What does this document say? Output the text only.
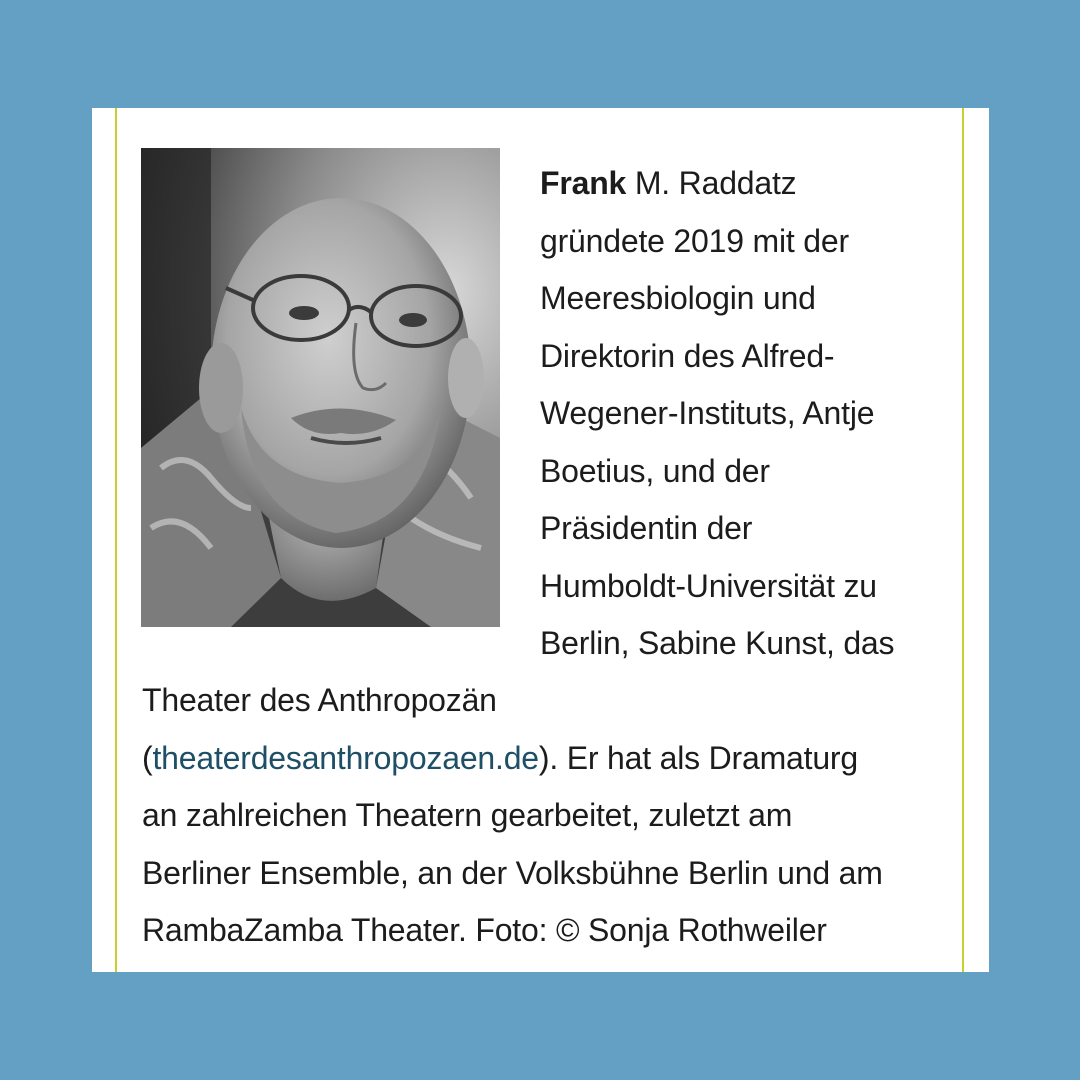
Frank M. Raddatz
gründete 2019 mit der
Meeresbiologin und
Direktorin des Alfred-
Wegener-Instituts, Antje
Boetius, und der
Präsidentin der
Humboldt-Universität zu
Berlin, Sabine Kunst, das
Theater des Anthropozän
(theaterdesanthropozaen.de). Er hat als Dramaturg
an zahlreichen Theatern gearbeitet, zuletzt am
Berliner Ensemble, an der Volksbühne Berlin und am
RambaZamba Theater. Foto: © Sonja Rothweiler
